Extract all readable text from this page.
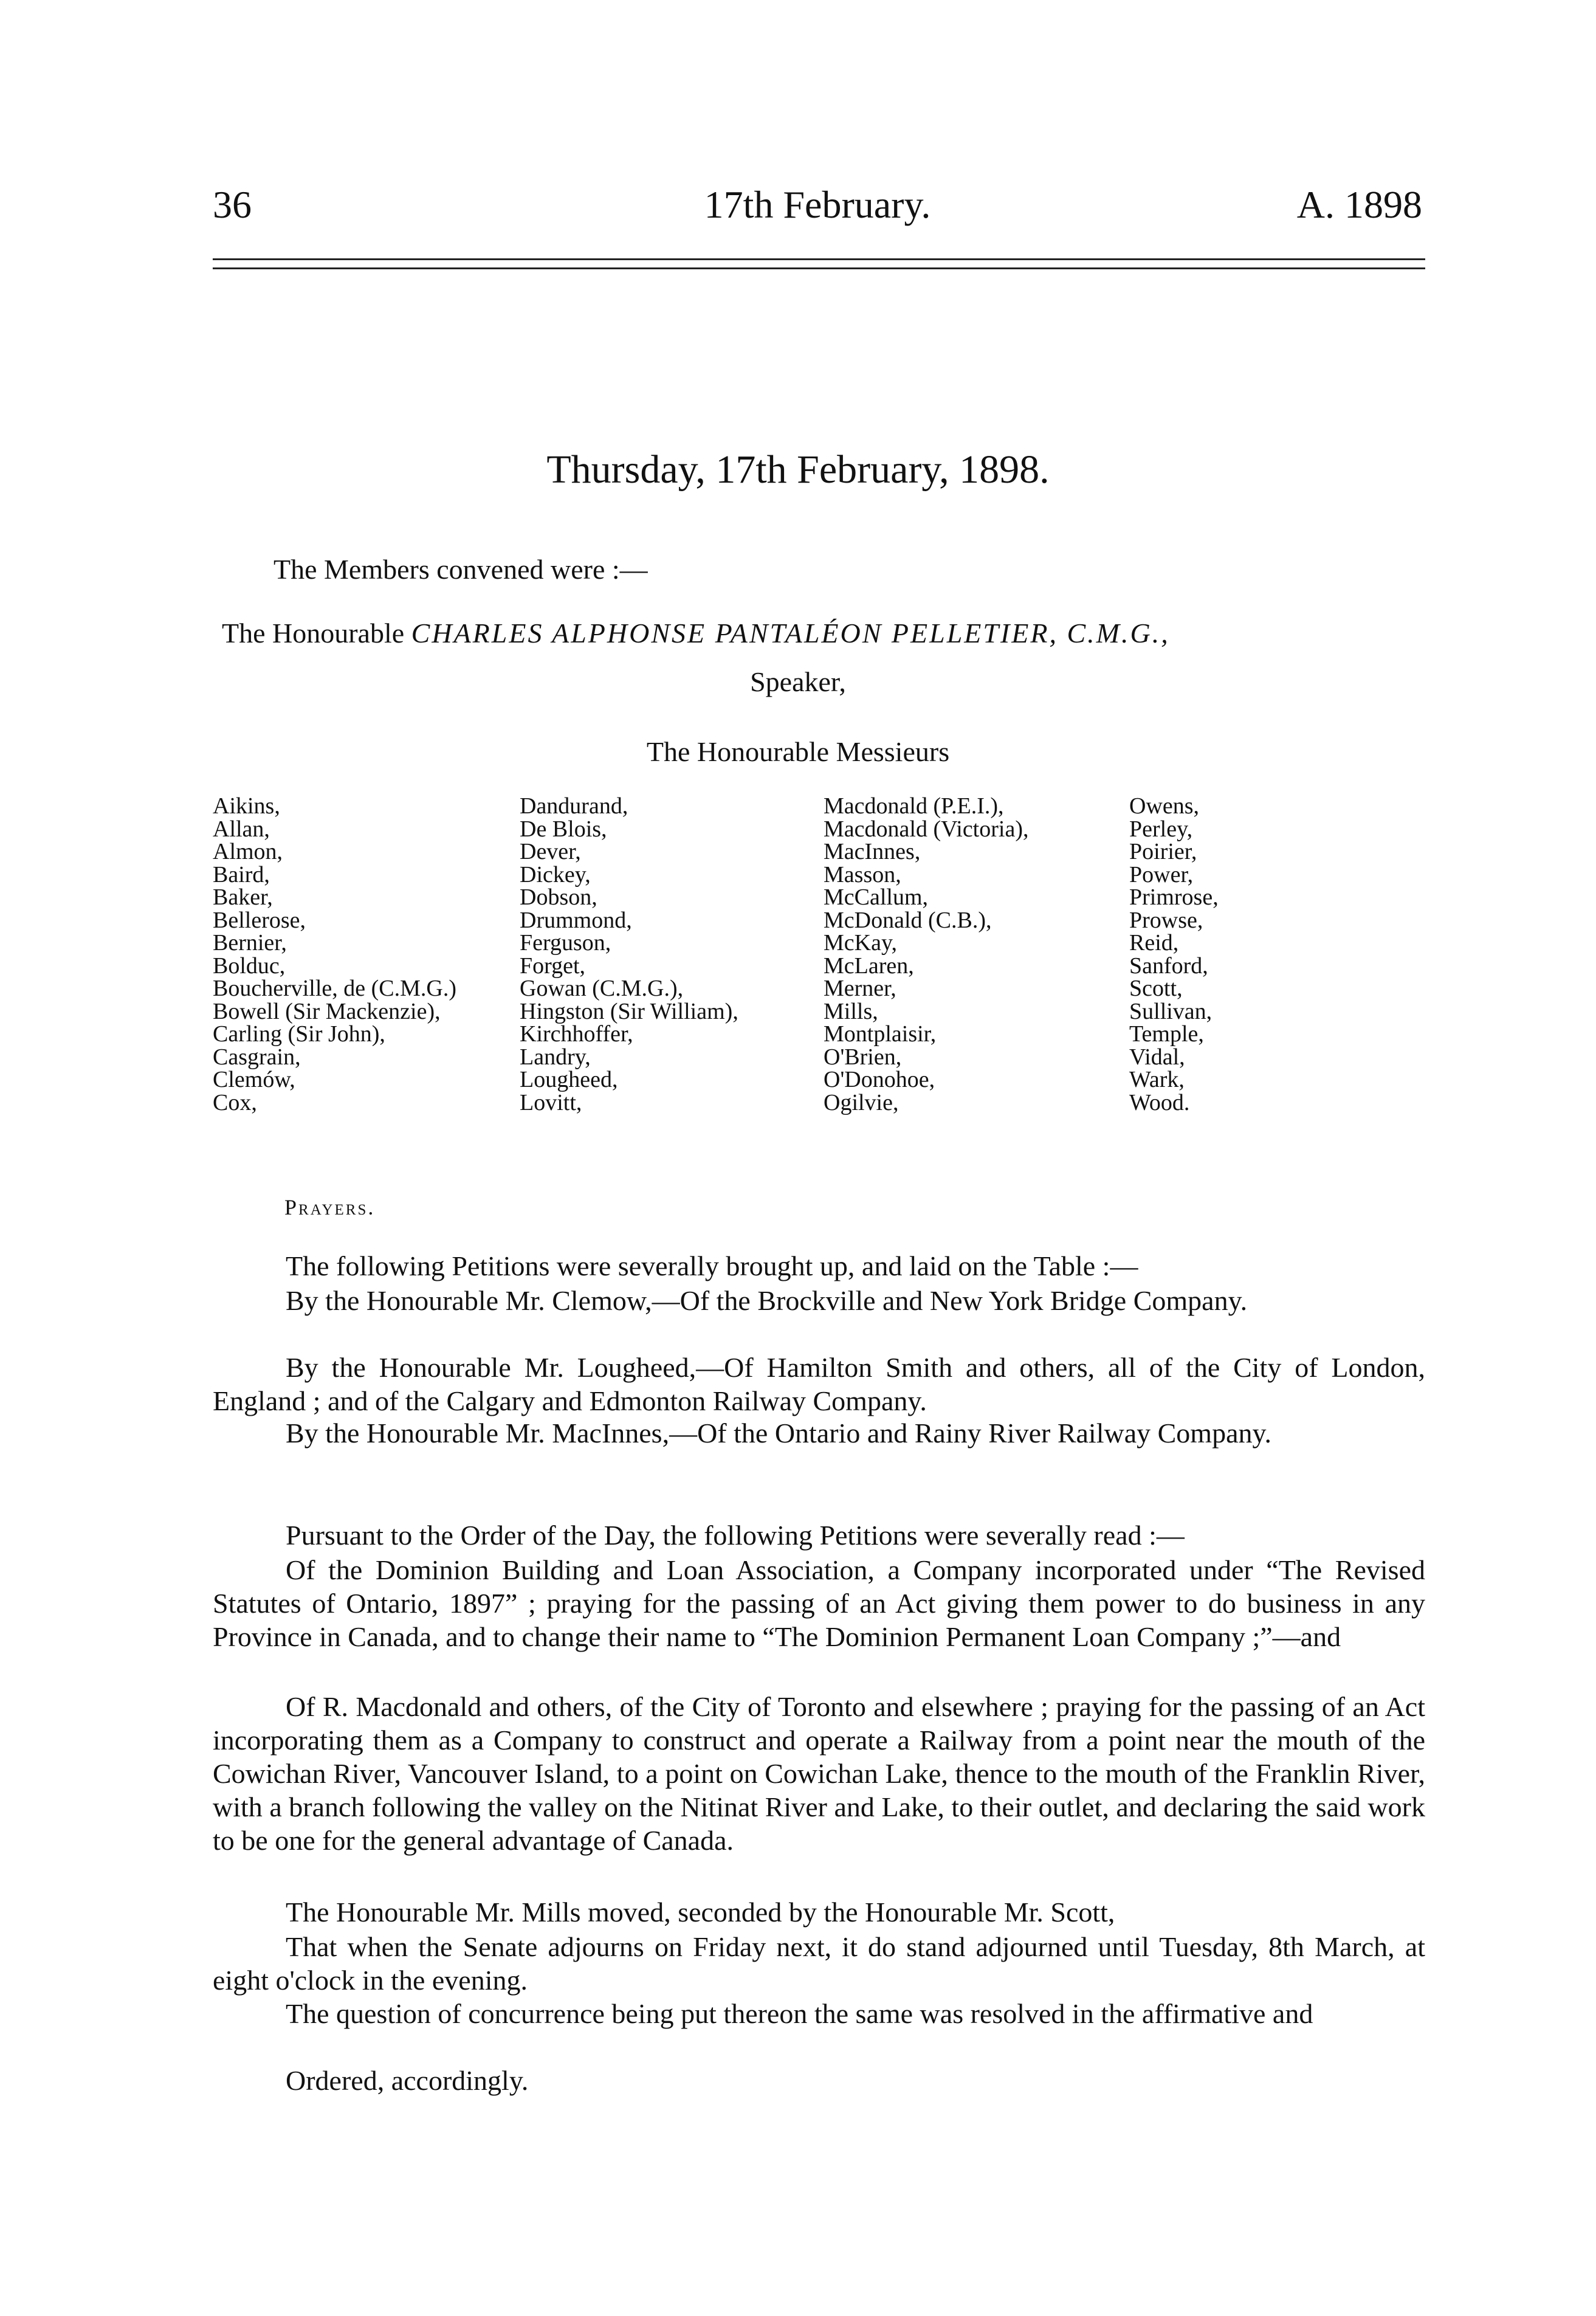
36	17th February.	A. 1898
Thursday, 17th February, 1898.
The Members convened were :—
The Honourable CHARLES ALPHONSE PANTALÉON PELLETIER, C.M.G.,
Speaker,
The Honourable Messieurs
Aikins,
Allan,
Almon,
Baird,
Baker,
Bellerose,
Bernier,
Bolduc,
Boucherville, de (C.M.G.)
Bowell (Sir Mackenzie),
Carling (Sir John),
Casgrain,
Clemów,
Cox,
Dandurand,
De Blois,
Dever,
Dickey,
Dobson,
Drummond,
Ferguson,
Forget,
Gowan (C.M.G.),
Hingston (Sir William),
Kirchhoffer,
Landry,
Lougheed,
Lovitt,
Macdonald (P.E.I.),
Macdonald (Victoria),
MacInnes,
Masson,
McCallum,
McDonald (C.B.),
McKay,
McLaren,
Merner,
Mills,
Montplaisir,
O'Brien,
O'Donohoe,
Ogilvie,
Owens,
Perley,
Poirier,
Power,
Primrose,
Prowse,
Reid,
Sanford,
Scott,
Sullivan,
Temple,
Vidal,
Wark,
Wood.
Prayers.

The following Petitions were severally brought up, and laid on the Table :—

By the Honourable Mr. Clemow,—Of the Brockville and New York Bridge Company.

By the Honourable Mr. Lougheed,—Of Hamilton Smith and others, all of the City of London, England ; and of the Calgary and Edmonton Railway Company.

By the Honourable Mr. MacInnes,—Of the Ontario and Rainy River Railway Company.

Pursuant to the Order of the Day, the following Petitions were severally read :—

Of the Dominion Building and Loan Association, a Company incorporated under “The Revised Statutes of Ontario, 1897” ; praying for the passing of an Act giving them power to do business in any Province in Canada, and to change their name to “The Dominion Permanent Loan Company ;”—and

Of R. Macdonald and others, of the City of Toronto and elsewhere ; praying for the passing of an Act incorporating them as a Company to construct and operate a Railway from a point near the mouth of the Cowichan River, Vancouver Island, to a point on Cowichan Lake, thence to the mouth of the Franklin River, with a branch following the valley on the Nitinat River and Lake, to their outlet, and declaring the said work to be one for the general advantage of Canada.

The Honourable Mr. Mills moved, seconded by the Honourable Mr. Scott,

That when the Senate adjourns on Friday next, it do stand adjourned until Tuesday, 8th March, at eight o'clock in the evening.

The question of concurrence being put thereon the same was resolved in the affirmative and

Ordered, accordingly.
